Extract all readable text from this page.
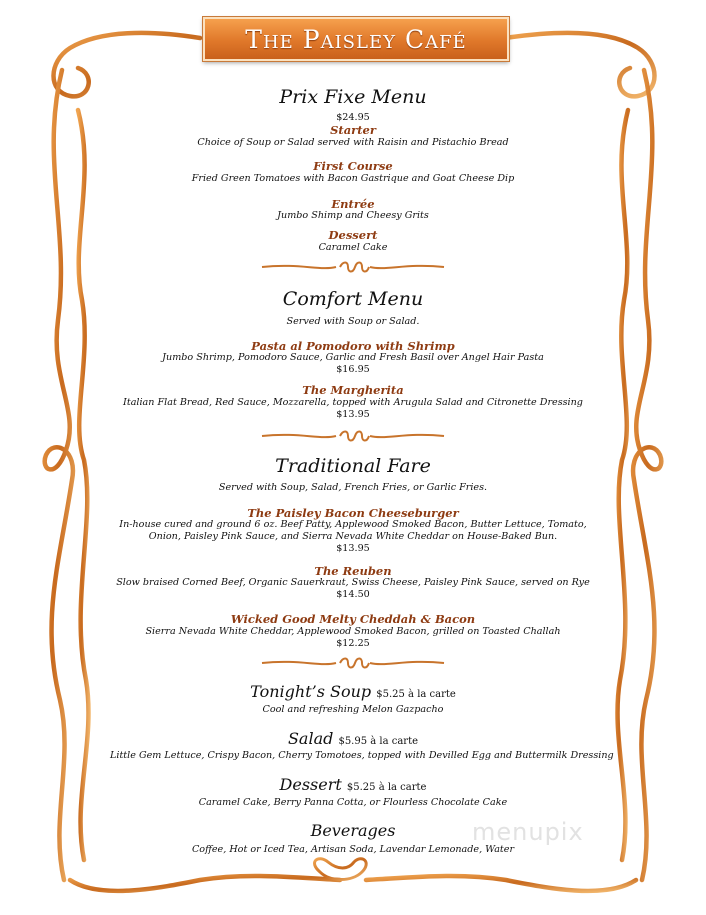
The Paisley Café
Prix Fixe Menu
$24.95
Starter
Choice of Soup or Salad served with Raisin and Pistachio Bread
First Course
Fried Green Tomatoes with Bacon Gastrique and Goat Cheese Dip
Entrée
Jumbo Shimp and Cheesy Grits
Dessert
Caramel Cake
Comfort Menu
Served with Soup or Salad.
Pasta al Pomodoro with Shrimp
Jumbo Shrimp, Pomodoro Sauce, Garlic and Fresh Basil over Angel Hair Pasta
$16.95
The Margherita
Italian Flat Bread, Red Sauce, Mozzarella, topped with Arugula Salad and Citronette Dressing
$13.95
Traditional Fare
Served with Soup, Salad, French Fries, or Garlic Fries.
The Paisley Bacon Cheeseburger
In-house cured and ground 6 oz. Beef Patty, Applewood Smoked Bacon, Butter Lettuce, Tomato,
Onion, Paisley Pink Sauce, and Sierra Nevada White Cheddar on House-Baked Bun.
$13.95
The Reuben
Slow braised Corned Beef, Organic Sauerkraut, Swiss Cheese, Paisley Pink Sauce, served on Rye
$14.50
Wicked Good Melty Cheddah & Bacon
Sierra Nevada White Cheddar, Applewood Smoked Bacon, grilled on Toasted Challah
$12.25
Tonight’s Soup $5.25 à la carte
Cool and refreshing Melon Gazpacho
Salad $5.95 à la carte
Little Gem Lettuce, Crispy Bacon, Cherry Tomotoes, topped with Devilled Egg and Buttermilk Dressing
Dessert $5.25 à la carte
Caramel Cake, Berry Panna Cotta, or Flourless Chocolate Cake
Beverages
Coffee, Hot or Iced Tea, Artisan Soda, Lavendar Lemonade, Water
menupix
